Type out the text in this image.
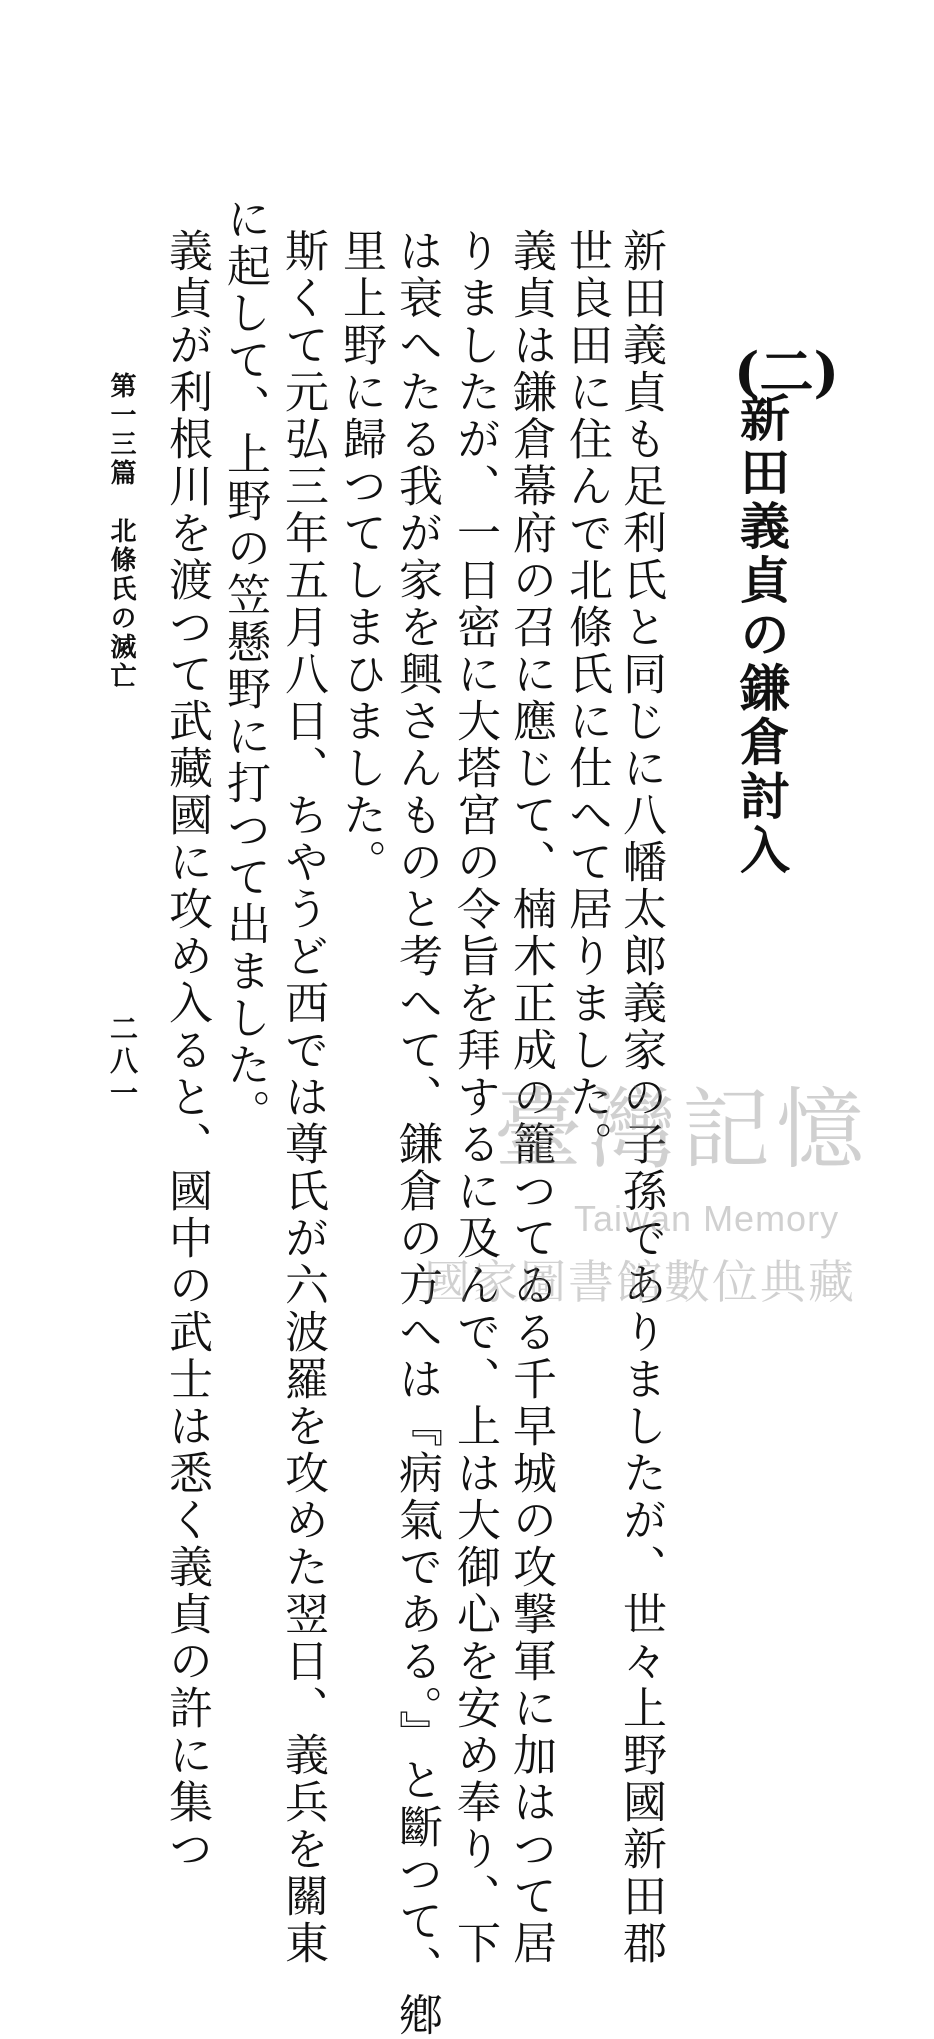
(二)
新田義貞の鎌倉討入
新田義貞も足利氏と同じに八幡太郎義家の子孫でありましたが、世々上野國新田郡
世良田に住んで北條氏に仕へて居りました。
義貞は鎌倉幕府の召に應じて、楠木正成の籠つてゐる千早城の攻撃軍に加はつて居
りましたが、一日密に大塔宮の令旨を拜するに及んで、上は大御心を安め奉り、下
は衰へたる我が家を興さんものと考へて、鎌倉の方へは『病氣である。』と斷つて、鄕
里上野に歸つてしまひました。
斯くて元弘三年五月八日、ちやうど西では尊氏が六波羅を攻めた翌日、義兵を關東
に起して、上野の笠懸野に打つて出ました。
義貞が利根川を渡つて武藏國に攻め入ると、國中の武士は悉く義貞の許に集つ
第一三篇　北條氏の滅亡
二八一
臺灣記憶
Taiwan Memory
國家圖書館數位典藏
